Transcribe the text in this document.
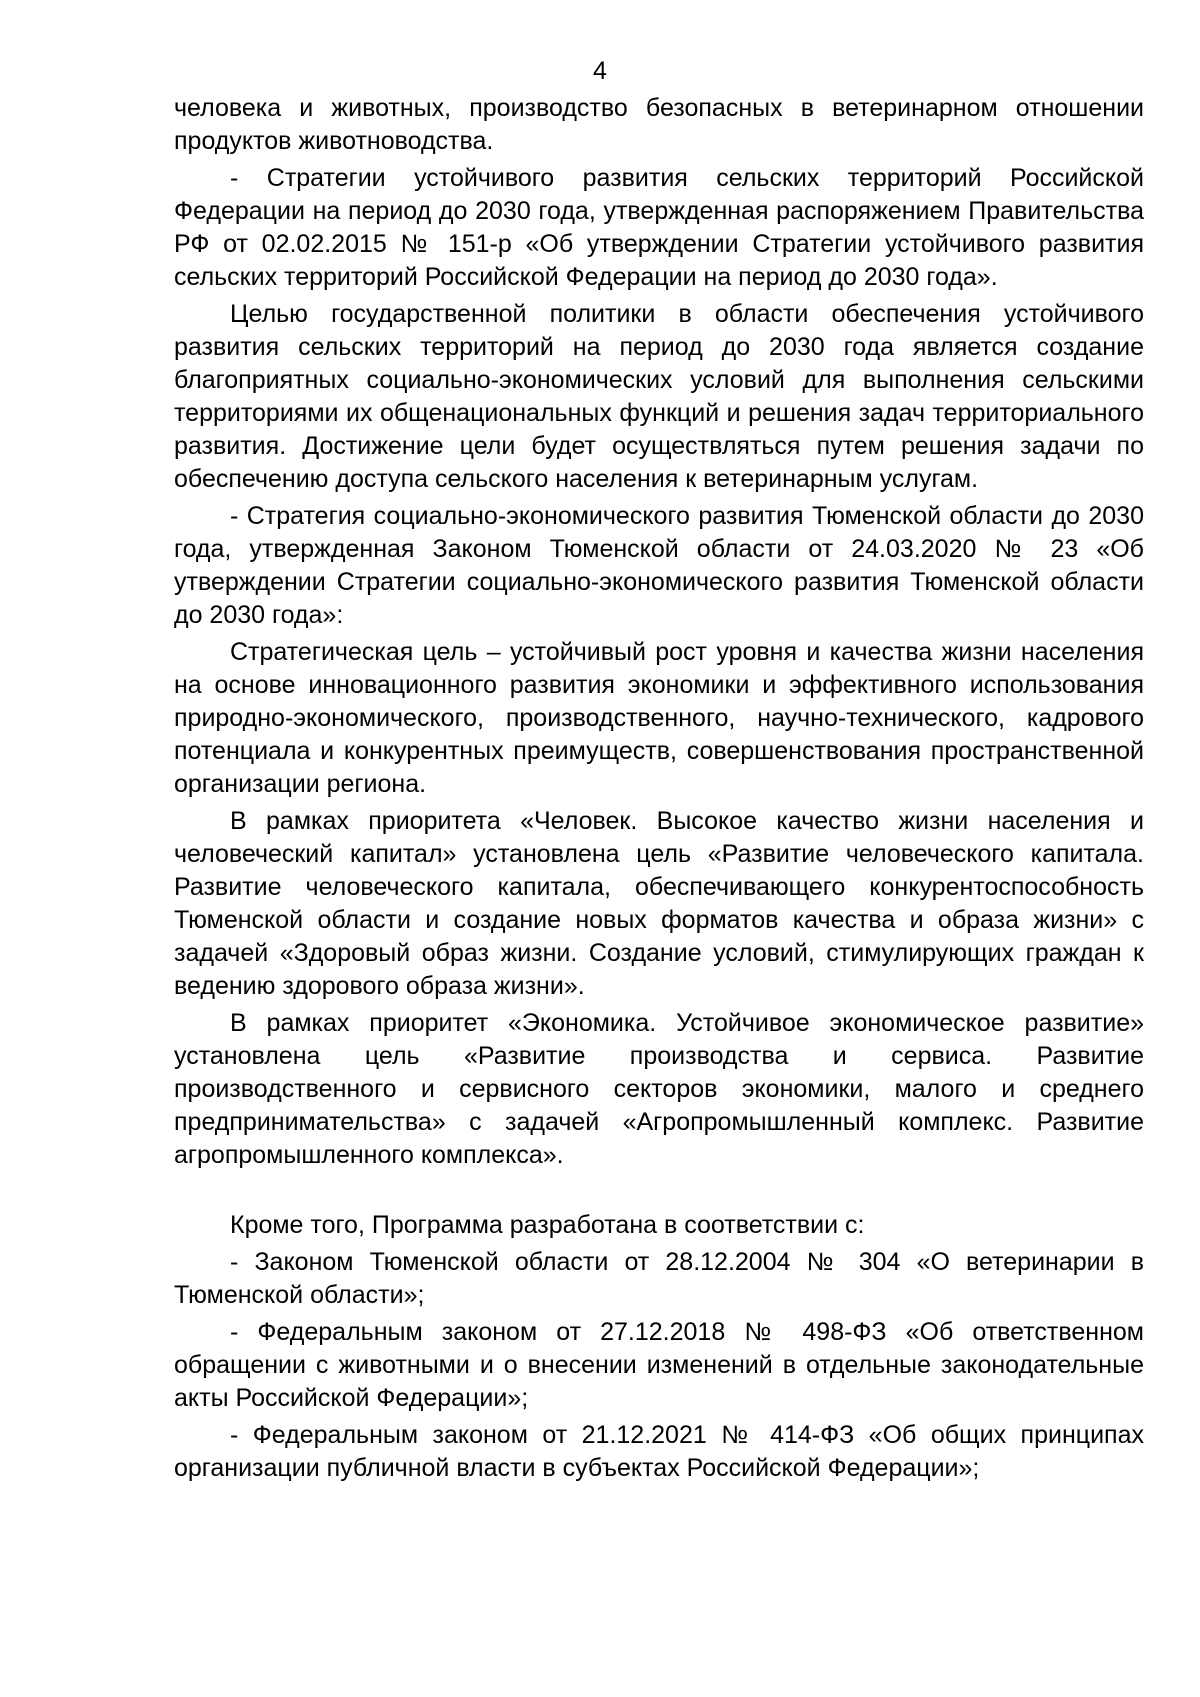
4

человека и животных, производство безопасных в ветеринарном отношении продуктов животноводства.

- Стратегии устойчивого развития сельских территорий Российской Федерации на период до 2030 года, утвержденная распоряжением Правительства РФ от 02.02.2015 № 151-р «Об утверждении Стратегии устойчивого развития сельских территорий Российской Федерации на период до 2030 года».

Целью государственной политики в области обеспечения устойчивого развития сельских территорий на период до 2030 года является создание благоприятных социально-экономических условий для выполнения сельскими территориями их общенациональных функций и решения задач территориального развития. Достижение цели будет осуществляться путем решения задачи по обеспечению доступа сельского населения к ветеринарным услугам.

- Стратегия социально-экономического развития Тюменской области до 2030 года, утвержденная Законом Тюменской области от 24.03.2020 № 23 «Об утверждении Стратегии социально-экономического развития Тюменской области до 2030 года»:

Стратегическая цель – устойчивый рост уровня и качества жизни населения на основе инновационного развития экономики и эффективного использования природно-экономического, производственного, научно-технического, кадрового потенциала и конкурентных преимуществ, совершенствования пространственной организации региона.

В рамках приоритета «Человек. Высокое качество жизни населения и человеческий капитал» установлена цель «Развитие человеческого капитала. Развитие человеческого капитала, обеспечивающего конкурентоспособность Тюменской области и создание новых форматов качества и образа жизни» с задачей «Здоровый образ жизни. Создание условий, стимулирующих граждан к ведению здорового образа жизни».

В рамках приоритет «Экономика. Устойчивое экономическое развитие» установлена цель «Развитие производства и сервиса. Развитие производственного и сервисного секторов экономики, малого и среднего предпринимательства» с задачей «Агропромышленный комплекс. Развитие агропромышленного комплекса».

Кроме того, Программа разработана в соответствии с:

- Законом Тюменской области от 28.12.2004 № 304 «О ветеринарии в Тюменской области»;

- Федеральным законом от 27.12.2018 № 498-ФЗ «Об ответственном обращении с животными и о внесении изменений в отдельные законодательные акты Российской Федерации»;

- Федеральным законом от 21.12.2021 № 414-ФЗ «Об общих принципах организации публичной власти в субъектах Российской Федерации»;
